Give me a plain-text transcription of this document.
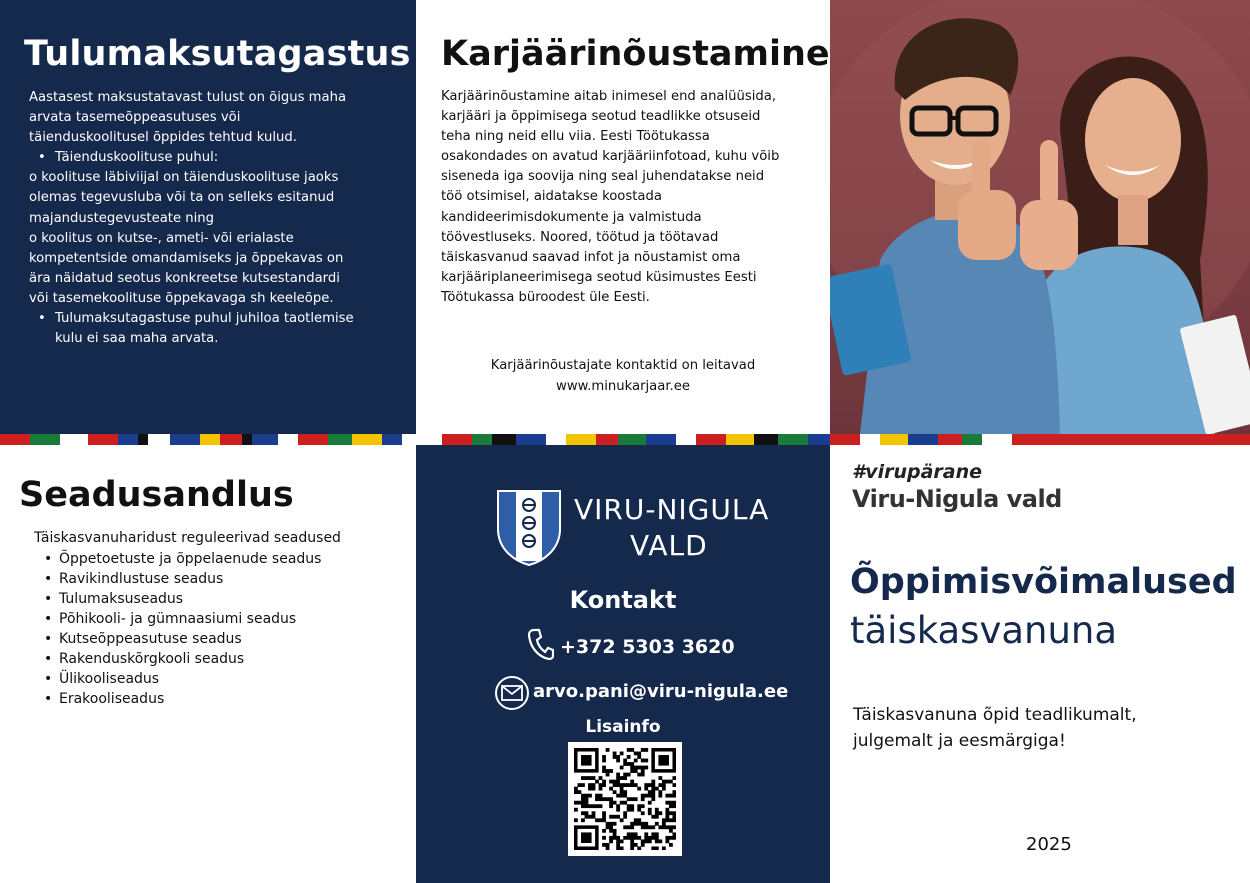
Tulumaksutagastus
Aastasest maksustatavast tulust on õigus maha arvata tasemeõppeasutuses või täienduskoolitusel õppides tehtud kulud.
• Täienduskoolituse puhul:
o koolituse läbiviijal on täienduskoolituse jaoks olemas tegevusluba või ta on selleks esitanud majandustegevusteate ning
o koolitus on kutse-, ameti- või erialaste kompetentside omandamiseks ja õppekavas on ära näidatud seotus konkreetse kutsestandardi või tasemekoolituse õppekavaga sh keeleõpe.
• Tulumaksutagastuse puhul juhiloa taotlemise kulu ei saa maha arvata.
Karjäärinõustamine

Karjäärinõustamine aitab inimesel end analüüsida, karjääri ja õppimisega seotud teadlikke otsuseid teha ning neid ellu viia. Eesti Töötukassa osakondades on avatud karjääriinfotoad, kuhu võib siseneda iga soovija ning seal juhendatakse neid töö otsimisel, aidatakse koostada kandideerimisdokumente ja valmistuda töövestluseks. Noored, töötud ja töötavad täiskasvanud saavad infot ja nõustamist oma karjääriplaneerimisega seotud küsimustes Eesti Töötukassa büroodest üle Eesti.

Karjäärinõustajate kontaktid on leitavad
www.minukarjaar.ee
Seadusandlus
Täiskasvanuharidust reguleerivad seadused
• Õppetoetuste ja õppelaenude seadus
• Ravikindlustuse seadus
• Tulumaksuseadus
• Põhikooli- ja gümnaasiumi seadus
• Kutseõppeasutuse seadus
• Rakenduskõrgkooli seadus
• Ülikooliseadus
• Erakooliseadus
VIRU-NIGULA
VALD
Kontakt
+372 5303 3620
arvo.pani@viru-nigula.ee
Lisainfo
#virupärane
Viru-Nigula vald
Õppimisvõimalused
täiskasvanuna

Täiskasvanuna õpid teadlikumalt, julgemalt ja eesmärgiga!

2025
